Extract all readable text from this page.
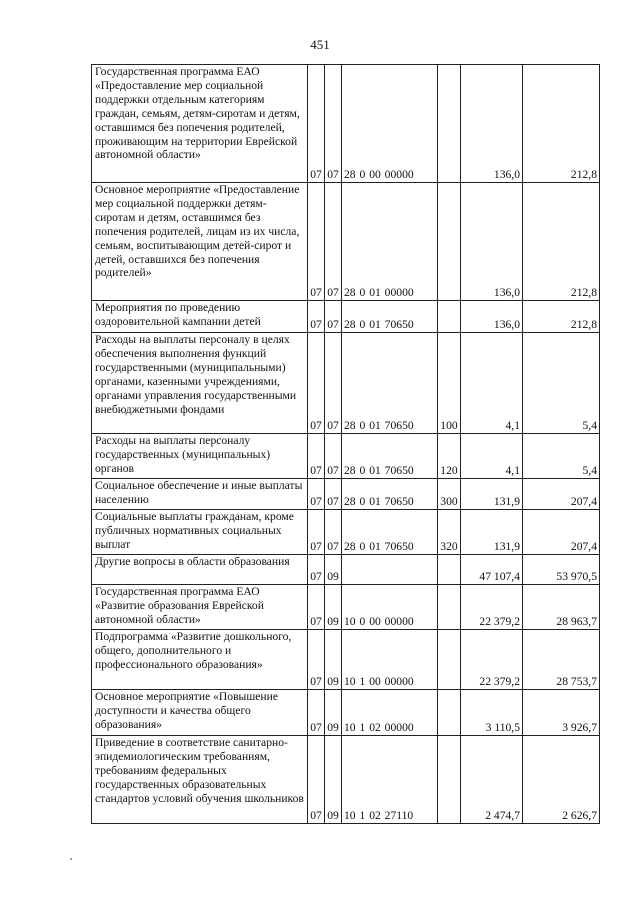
451
Государственная программа ЕАО «Предоставление мер социальной поддержки отдельным категориям граждан, семьям, детям-сиротам и детям, оставшимся без попечения родителей, проживающим на территории Еврейской автономной области»	07	07	28 0 00 00000		136,0	212,8
Основное мероприятие «Предоставление мер социальной поддержки детям-сиротам и детям, оставшимся без попечения родителей, лицам из их числа, семьям, воспитывающим детей-сирот и детей, оставшихся без попечения родителей»	07	07	28 0 01 00000		136,0	212,8
Мероприятия по проведению оздоровительной кампании детей	07	07	28 0 01 70650		136,0	212,8
Расходы на выплаты персоналу в целях обеспечения выполнения функций государственными (муниципальными) органами, казенными учреждениями, органами управления государственными внебюджетными фондами	07	07	28 0 01 70650	100	4,1	5,4
Расходы на выплаты персоналу государственных (муниципальных) органов	07	07	28 0 01 70650	120	4,1	5,4
Социальное обеспечение и иные выплаты населению	07	07	28 0 01 70650	300	131,9	207,4
Социальные выплаты гражданам, кроме публичных нормативных социальных выплат	07	07	28 0 01 70650	320	131,9	207,4
Другие вопросы в области образования	07	09			47 107,4	53 970,5
Государственная программа ЕАО «Развитие образования Еврейской автономной области»	07	09	10 0 00 00000		22 379,2	28 963,7
Подпрограмма «Развитие дошкольного, общего, дополнительного и профессионального образования»	07	09	10 1 00 00000		22 379,2	28 753,7
Основное мероприятие «Повышение доступности и качества общего образования»	07	09	10 1 02 00000		3 110,5	3 926,7
Приведение в соответствие санитарно-эпидемиологическим требованиям, требованиям федеральных государственных образовательных стандартов условий обучения школьников	07	09	10 1 02 27110		2 474,7	2 626,7
